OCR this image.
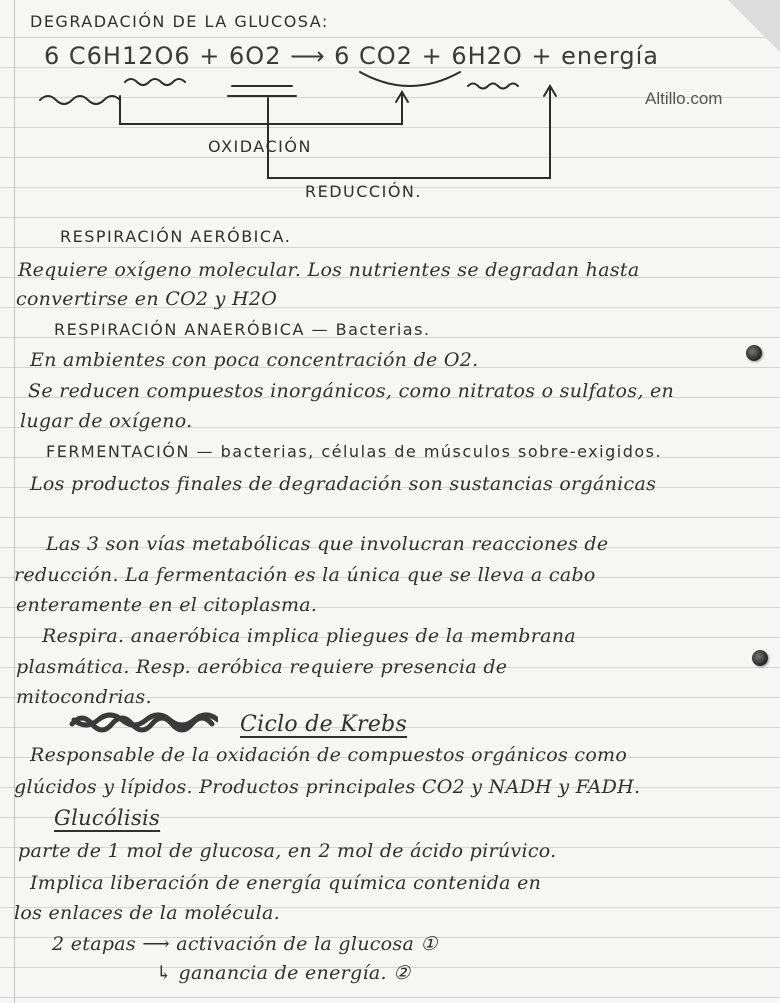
Altillo.com
DEGRADACIÓN DE LA GLUCOSA:
6 C6H12O6 + 6O2 ⟶ 6 CO2 + 6H2O + energía
OXIDACIÓN
REDUCCIÓN.
RESPIRACIÓN AERÓBICA.
Requiere oxígeno molecular. Los nutrientes se degradan hasta
convertirse en CO2 y H2O
RESPIRACIÓN ANAERÓBICA — Bacterias.
En ambientes con poca concentración de O2.
Se reducen compuestos inorgánicos, como nitratos o sulfatos, en
lugar de oxígeno.
FERMENTACIÓN — bacterias, células de músculos sobre-exigidos.
Los productos finales de degradación son sustancias orgánicas
Las 3 son vías metabólicas que involucran reacciones de
reducción. La fermentación es la única que se lleva a cabo
enteramente en el citoplasma.
Respira. anaeróbica implica pliegues de la membrana
plasmática. Resp. aeróbica requiere presencia de
mitocondrias.
Ciclo de Krebs
Responsable de la oxidación de compuestos orgánicos como
glúcidos y lípidos. Productos principales CO2 y NADH y FADH.
Glucólisis
parte de 1 mol de glucosa, en 2 mol de ácido pirúvico.
Implica liberación de energía química contenida en
los enlaces de la molécula.
2 etapas ⟶ activación de la glucosa ①
↳ ganancia de energía. ②
